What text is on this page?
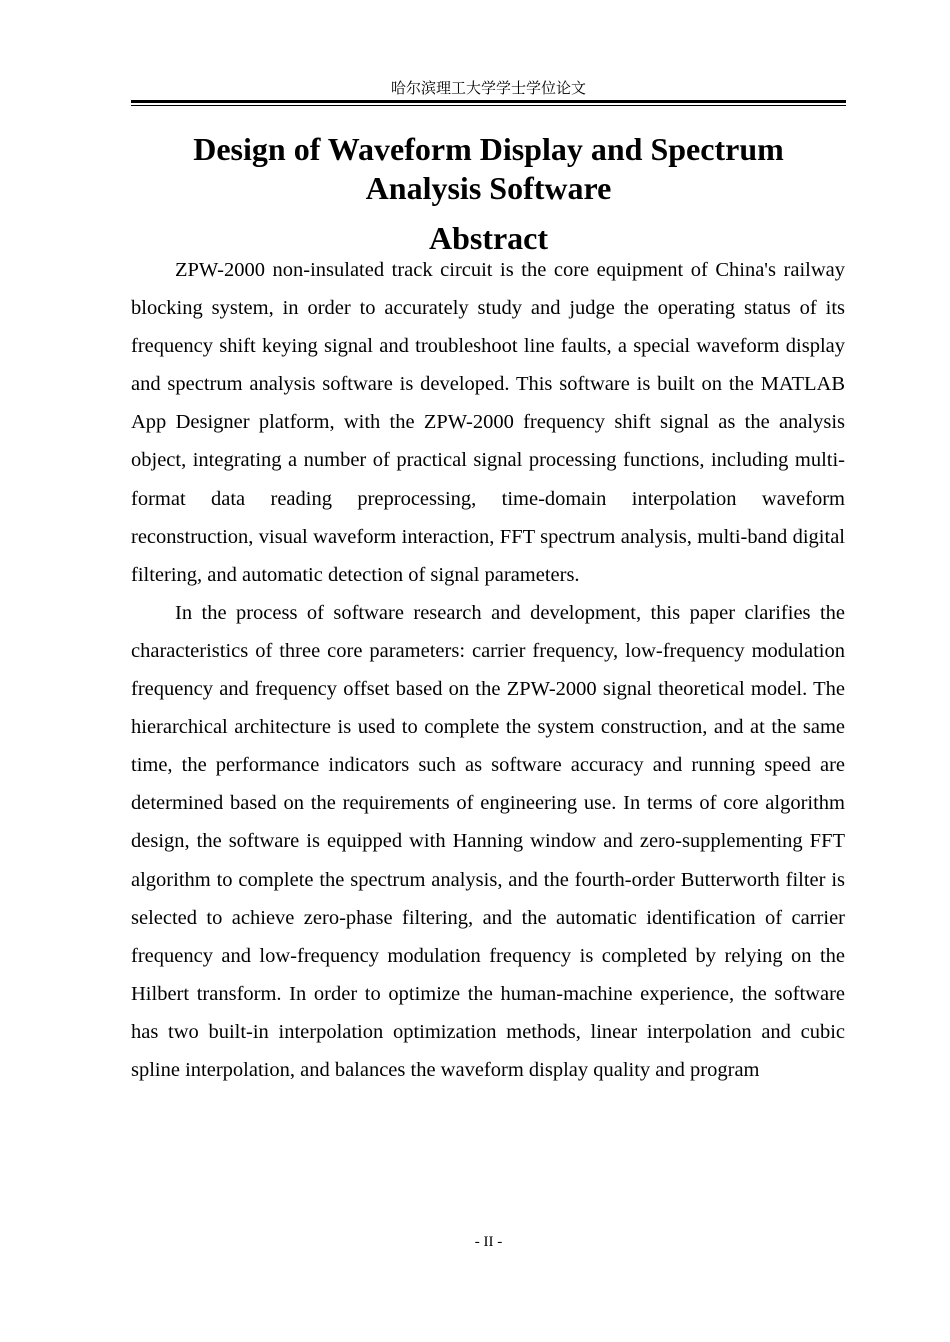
哈尔滨理工大学学士学位论文
Design of Waveform Display and Spectrum
Analysis Software
Abstract

ZPW-2000 non-insulated track circuit is the core equipment of China's railway blocking system, in order to accurately study and judge the operating status of its frequency shift keying signal and troubleshoot line faults, a special waveform display and spectrum analysis software is developed. This software is built on the MATLAB App Designer platform, with the ZPW-2000 frequency shift signal as the analysis object, integrating a number of practical signal processing functions, including multi-format data reading preprocessing, time-domain interpolation waveform reconstruction, visual waveform interaction, FFT spectrum analysis, multi-band digital filtering, and automatic detection of signal parameters.

In the process of software research and development, this paper clarifies the characteristics of three core parameters: carrier frequency, low-frequency modulation frequency and frequency offset based on the ZPW-2000 signal theoretical model. The hierarchical architecture is used to complete the system construction, and at the same time, the performance indicators such as software accuracy and running speed are determined based on the requirements of engineering use. In terms of core algorithm design, the software is equipped with Hanning window and zero-supplementing FFT algorithm to complete the spectrum analysis, and the fourth-order Butterworth filter is selected to achieve zero-phase filtering, and the automatic identification of carrier frequency and low-frequency modulation frequency is completed by relying on the Hilbert transform. In order to optimize the human-machine experience, the software has two built-in interpolation optimization methods, linear interpolation and cubic spline interpolation, and balances the waveform display quality and program

- II -
